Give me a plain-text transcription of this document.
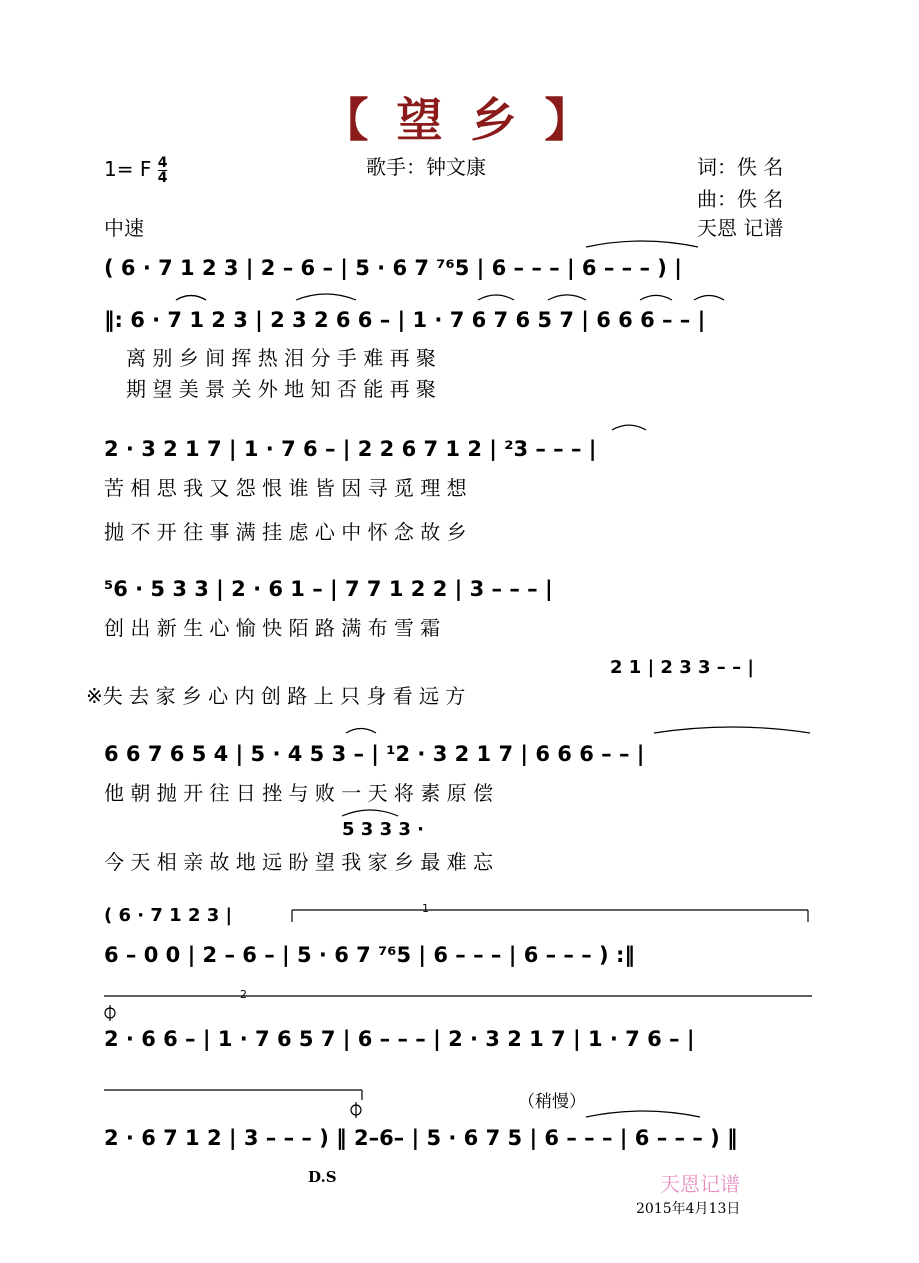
【 望 乡 】
1= F $\frac{4}{4}$	歌手：钟文康	词：佚 名
曲：佚 名
中速	天恩 记谱
( 6 · 7 1 2 3 | 2 – 6 – | 5 · 6 7 ⁷⁶5 | 6 – – – | 6 – – – ) |
‖: 6 · 7 1 2 3 | 2 3 2 6 6 – | 1 · 7 6 7 6 5 7 | 6 6 6 – – |
离 别 乡 间 挥 热 泪 分 手 难 再 聚
期 望 美 景 关 外 地 知 否 能 再 聚
2 · 3 2 1 7 | 1 · 7 6 – | 2 2 6 7 1 2 | ²3 – – – |
苦 相 思 我 又 怨 恨 谁 皆 因 寻 觅 理 想
抛 不 开 往 事 满 挂 虑 心 中 怀 念 故 乡
⁵6 · 5 3 3 | 2 · 6 1 – | 7 7 1 2 2 | 3 – – – |
创 出 新 生 心 愉 快 陌 路 满 布 雪 霜
2 1 | 2 3 3 – – |
※失 去 家 乡 心 内 创 路 上 只 身 看 远 方
6 6 7 6 5 4 | 5 · 4 5 3 – | ¹2 · 3 2 1 7 | 6 6 6 – – |
他 朝 抛 开 往 日 挫 与 败 一 天 将 素 原 偿
5 3 3 3 ·
今 天 相 亲 故 地 远 盼 望 我 家 乡 最 难 忘
( 6 · 7 1 2 3 |
6 – 0 0 | 2 – 6 – | 5 · 6 7 ⁷⁶5 | 6 – – – | 6 – – – ) :‖
2 · 6 6 – | 1 · 7 6 5 7 | 6 – – – | 2 · 3 2 1 7 | 1 · 7 6 – |
2 · 6 7 1 2 | 3 – – – ) ‖ 2–6– | 5 · 6 7 5 | 6 – – – | 6 – – – ) ‖
1
2
（稍慢）
D.S	天恩记谱
2015年4月13日
